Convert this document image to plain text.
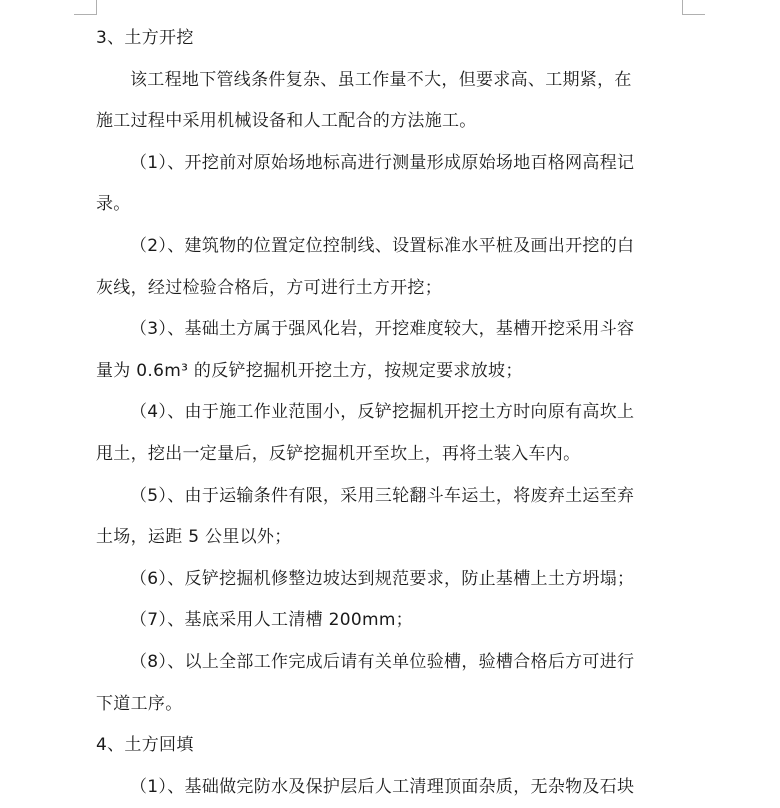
3、土方开挖
该工程地下管线条件复杂、虽工作量不大，但要求高、工期紧，在
施工过程中采用机械设备和人工配合的方法施工。
（1）、开挖前对原始场地标高进行测量形成原始场地百格网高程记
录。
（2）、建筑物的位置定位控制线、设置标准水平桩及画出开挖的白
灰线，经过检验合格后，方可进行土方开挖；
（3）、基础土方属于强风化岩，开挖难度较大，基槽开挖采用斗容
量为 0.6m³ 的反铲挖掘机开挖土方，按规定要求放坡；
（4）、由于施工作业范围小，反铲挖掘机开挖土方时向原有高坎上
甩土，挖出一定量后，反铲挖掘机开至坎上，再将土装入车内。
（5）、由于运输条件有限，采用三轮翻斗车运土，将废弃土运至弃
土场，运距 5 公里以外；
（6）、反铲挖掘机修整边坡达到规范要求，防止基槽上土方坍塌；
（7）、基底采用人工清槽 200mm；
（8）、以上全部工作完成后请有关单位验槽，验槽合格后方可进行
下道工序。
4、土方回填
（1）、基础做完防水及保护层后人工清理顶面杂质，无杂物及石块
